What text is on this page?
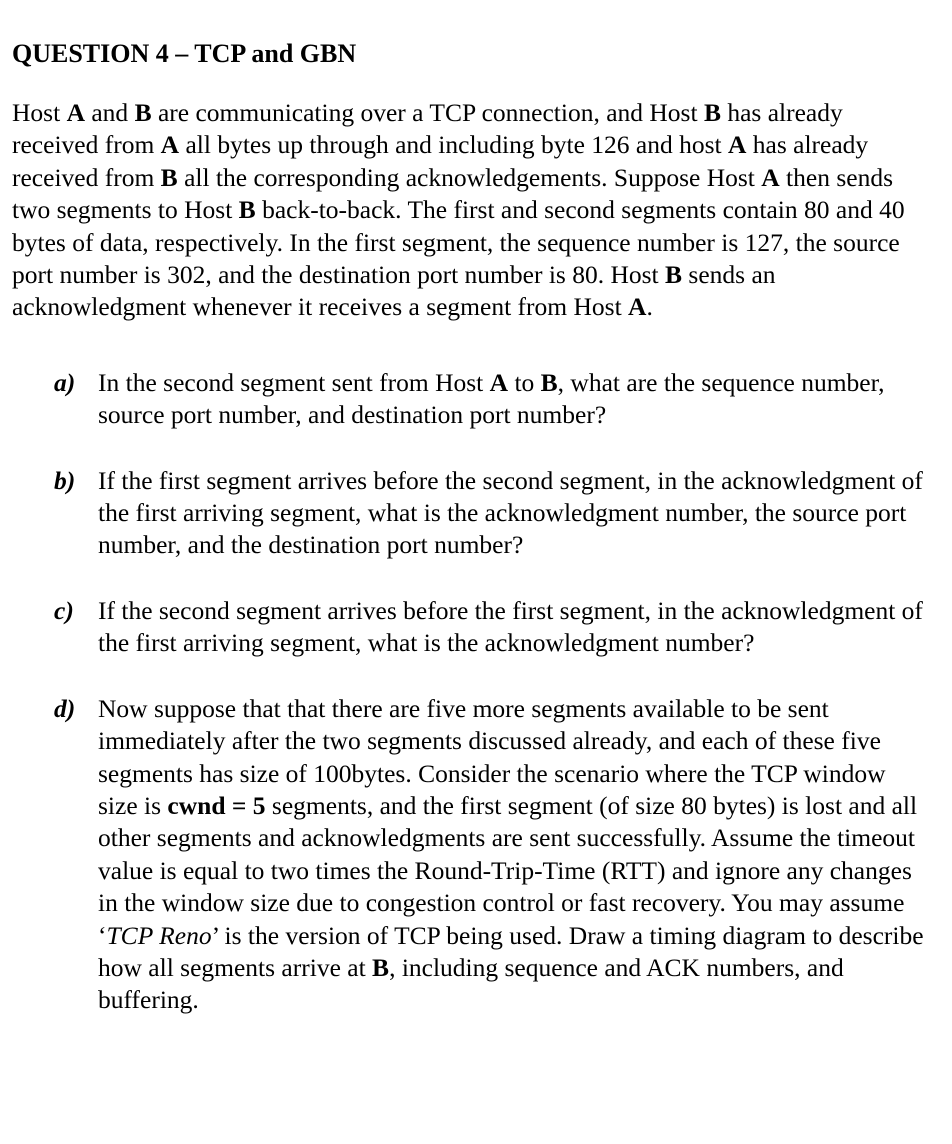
QUESTION 4 – TCP and GBN

Host A and B are communicating over a TCP connection, and Host B has already received from A all bytes up through and including byte 126 and host A has already received from B all the corresponding acknowledgements. Suppose Host A then sends two segments to Host B back-to-back. The first and second segments contain 80 and 40 bytes of data, respectively. In the first segment, the sequence number is 127, the source port number is 302, and the destination port number is 80. Host B sends an acknowledgment whenever it receives a segment from Host A.

a) In the second segment sent from Host A to B, what are the sequence number, source port number, and destination port number?
b) If the first segment arrives before the second segment, in the acknowledgment of the first arriving segment, what is the acknowledgment number, the source port number, and the destination port number?
c) If the second segment arrives before the first segment, in the acknowledgment of the first arriving segment, what is the acknowledgment number?
d) Now suppose that that there are five more segments available to be sent immediately after the two segments discussed already, and each of these five segments has size of 100bytes. Consider the scenario where the TCP window size is cwnd = 5 segments, and the first segment (of size 80 bytes) is lost and all other segments and acknowledgments are sent successfully. Assume the timeout value is equal to two times the Round-Trip-Time (RTT) and ignore any changes in the window size due to congestion control or fast recovery. You may assume ‘TCP Reno’ is the version of TCP being used. Draw a timing diagram to describe how all segments arrive at B, including sequence and ACK numbers, and buffering.
